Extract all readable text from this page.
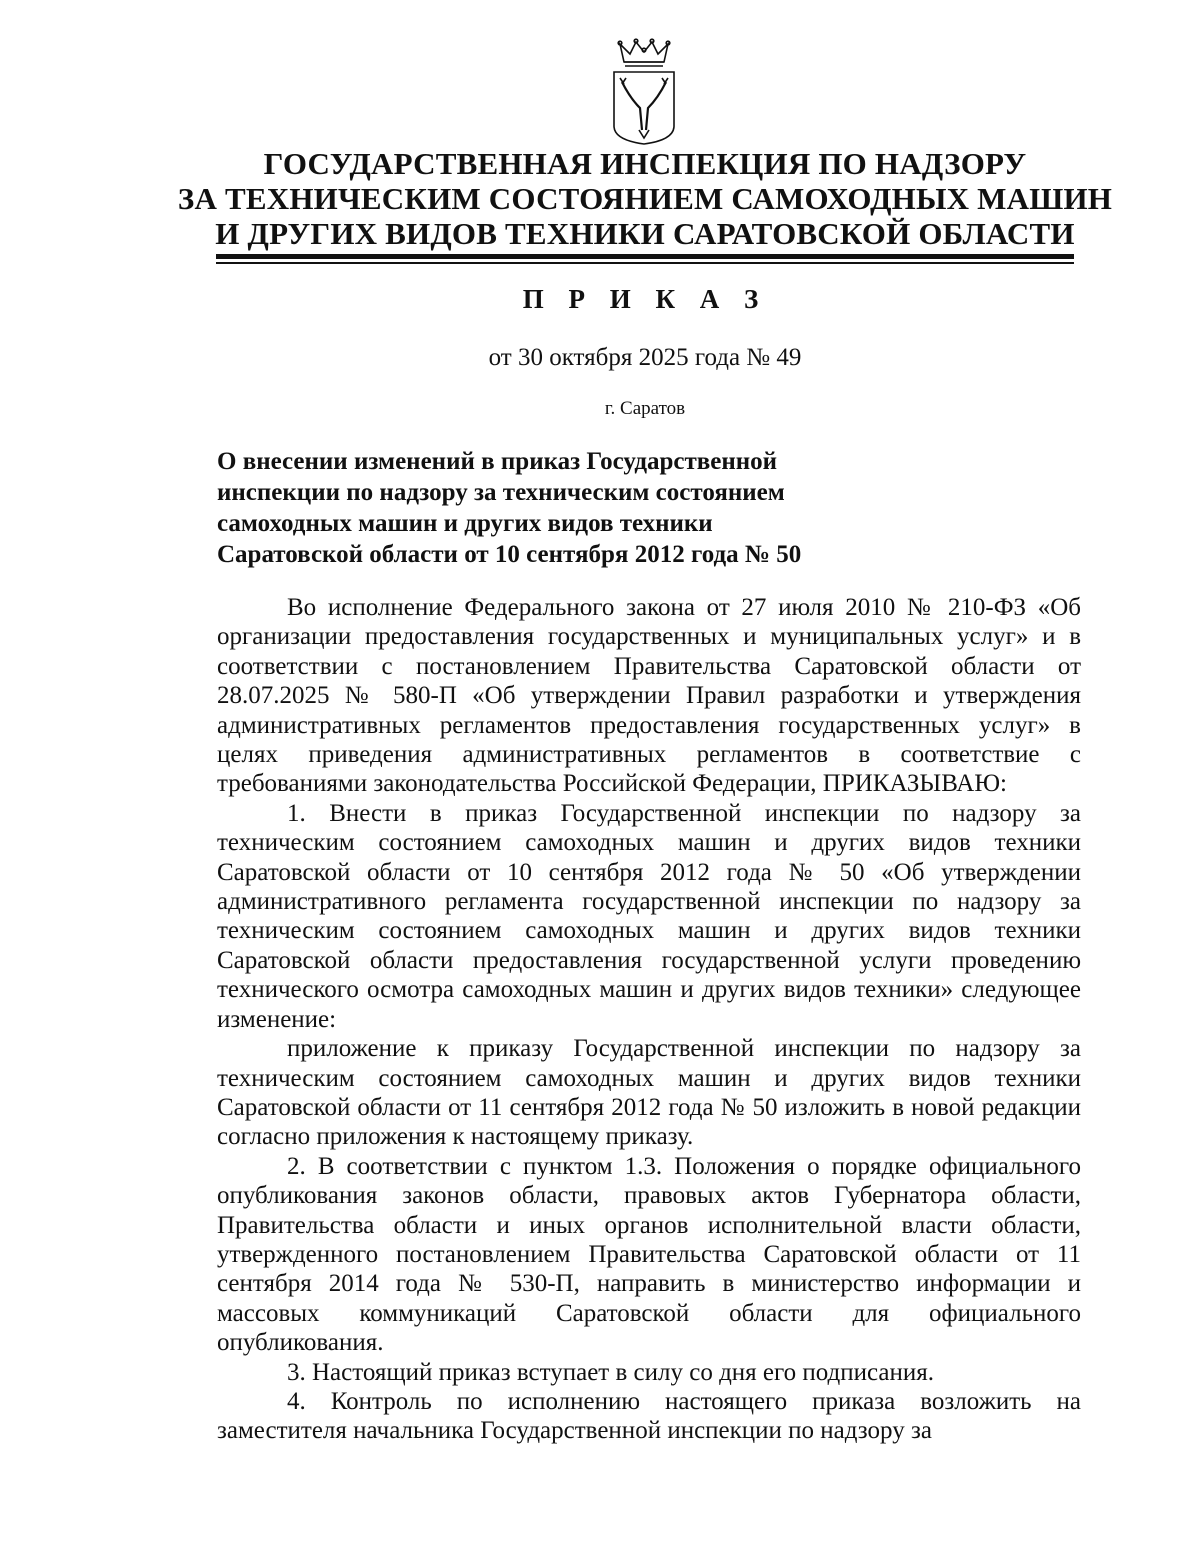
ГОСУДАРСТВЕННАЯ ИНСПЕКЦИЯ ПО НАДЗОРУ
ЗА ТЕХНИЧЕСКИМ СОСТОЯНИЕМ САМОХОДНЫХ МАШИН
И ДРУГИХ ВИДОВ ТЕХНИКИ САРАТОВСКОЙ ОБЛАСТИ
П Р И К А З
от 30 октября 2025 года № 49
г. Саратов
О внесении изменений в приказ Государственной
инспекции по надзору за техническим состоянием
самоходных машин и других видов техники
Саратовской области от 10 сентября 2012 года № 50

Во исполнение Федерального закона от 27 июля 2010 № 210-ФЗ «Об организации предоставления государственных и муниципальных услуг» и в соответствии с постановлением Правительства Саратовской области от 28.07.2025 № 580-П «Об утверждении Правил разработки и утверждения административных регламентов предоставления государственных услуг» в целях приведения административных регламентов в соответствие с требованиями законодательства Российской Федерации, ПРИКАЗЫВАЮ:

1. Внести в приказ Государственной инспекции по надзору за техническим состоянием самоходных машин и других видов техники Саратовской области от 10 сентября 2012 года № 50 «Об утверждении административного регламента государственной инспекции по надзору за техническим состоянием самоходных машин и других видов техники Саратовской области предоставления государственной услуги проведению технического осмотра самоходных машин и других видов техники» следующее изменение:

приложение к приказу Государственной инспекции по надзору за техническим состоянием самоходных машин и других видов техники Саратовской области от 11 сентября 2012 года № 50 изложить в новой редакции согласно приложения к настоящему приказу.

2. В соответствии с пунктом 1.3. Положения о порядке официального опубликования законов области, правовых актов Губернатора области, Правительства области и иных органов исполнительной власти области, утвержденного постановлением Правительства Саратовской области от 11 сентября 2014 года № 530-П, направить в министерство информации и массовых коммуникаций Саратовской области для официального опубликования.

3. Настоящий приказ вступает в силу со дня его подписания.

4. Контроль по исполнению настоящего приказа возложить на заместителя начальника Государственной инспекции по надзору за
